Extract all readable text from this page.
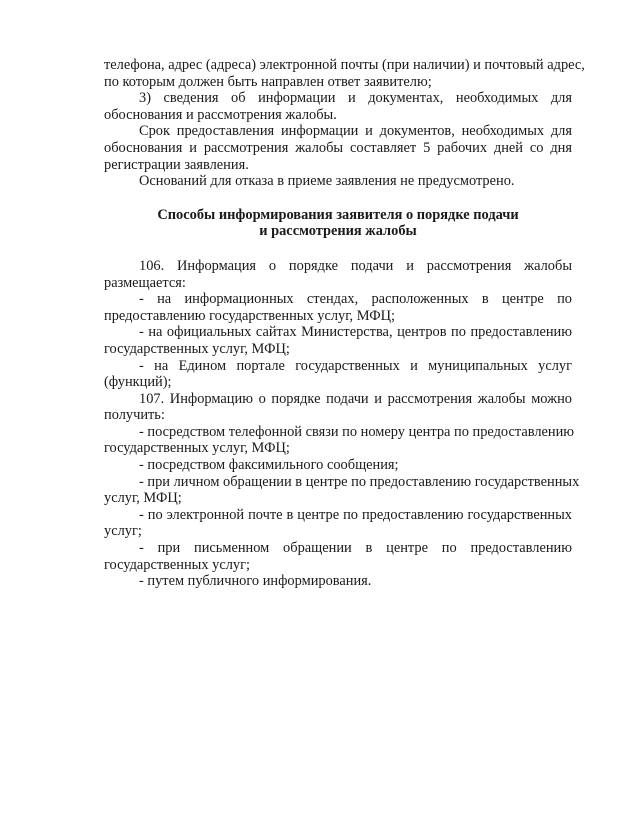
телефона, адрес (адреса) электронной почты (при наличии) и почтовый адрес,
по которым должен быть направлен ответ заявителю;

3) сведения об информации и документах, необходимых для
обоснования и рассмотрения жалобы.

Срок предоставления информации и документов, необходимых для
обоснования и рассмотрения жалобы составляет 5 рабочих дней со дня
регистрации заявления.

Оснований для отказа в приеме заявления не предусмотрено.

Способы информирования заявителя о порядке подачи
и рассмотрения жалобы

106. Информация о порядке подачи и рассмотрения жалобы
размещается:

- на информационных стендах, расположенных в центре по
предоставлению государственных услуг, МФЦ;

- на официальных сайтах Министерства, центров по предоставлению
государственных услуг, МФЦ;

- на Едином портале государственных и муниципальных услуг
(функций);

107. Информацию о порядке подачи и рассмотрения жалобы можно
получить:

- посредством телефонной связи по номеру центра по предоставлению
государственных услуг, МФЦ;

- посредством факсимильного сообщения;

- при личном обращении в центре по предоставлению государственных
услуг, МФЦ;

- по электронной почте в центре по предоставлению государственных
услуг;

- при письменном обращении в центре по предоставлению
государственных услуг;

- путем публичного информирования.
